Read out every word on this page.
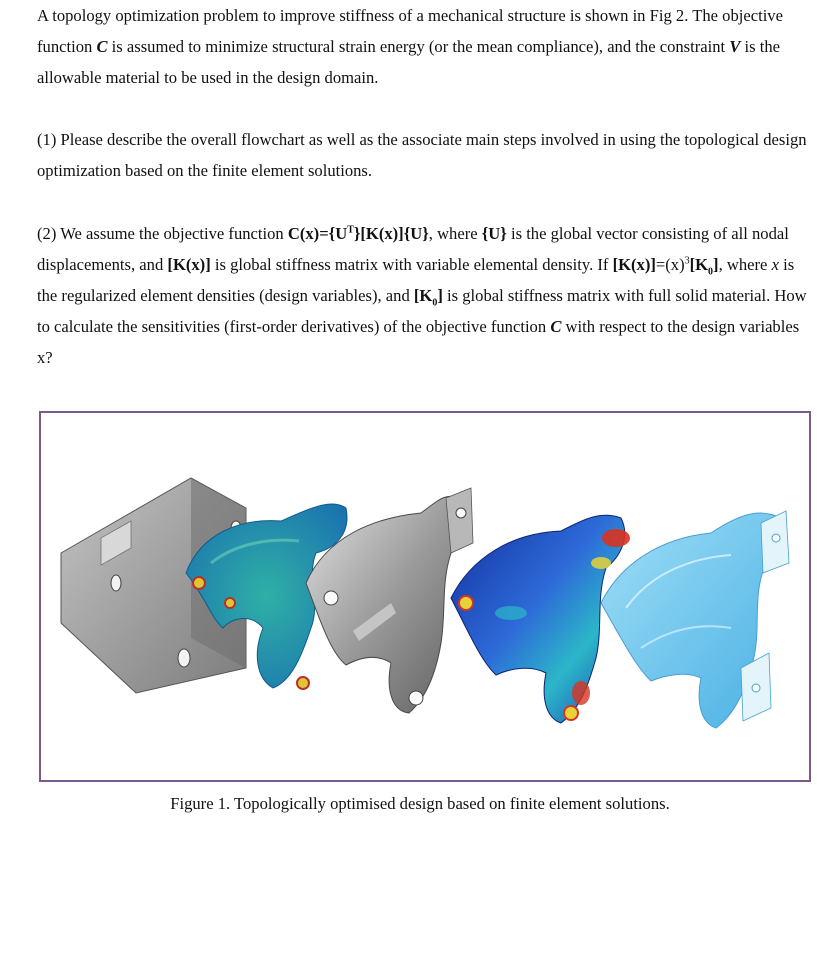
A topology optimization problem to improve stiffness of a mechanical structure is shown in Fig 2. The objective function C is assumed to minimize structural strain energy (or the mean compliance), and the constraint V is the allowable material to be used in the design domain.

(1) Please describe the overall flowchart as well as the associate main steps involved in using the topological design optimization based on the finite element solutions.

(2) We assume the objective function $C(x)=\{U^T\}[K(x)]\{U\}$, where {U} is the global vector consisting of all nodal displacements, and [K(x)] is global stiffness matrix with variable elemental density. If $[K(x)]=(x)^3[K_0]$, where x is the regularized element densities (design variables), and $[K_0]$ is global stiffness matrix with full solid material. How to calculate the sensitivities (first-order derivatives) of the objective function C with respect to the design variables x?

Figure 1. Topologically optimised design based on finite element solutions.
